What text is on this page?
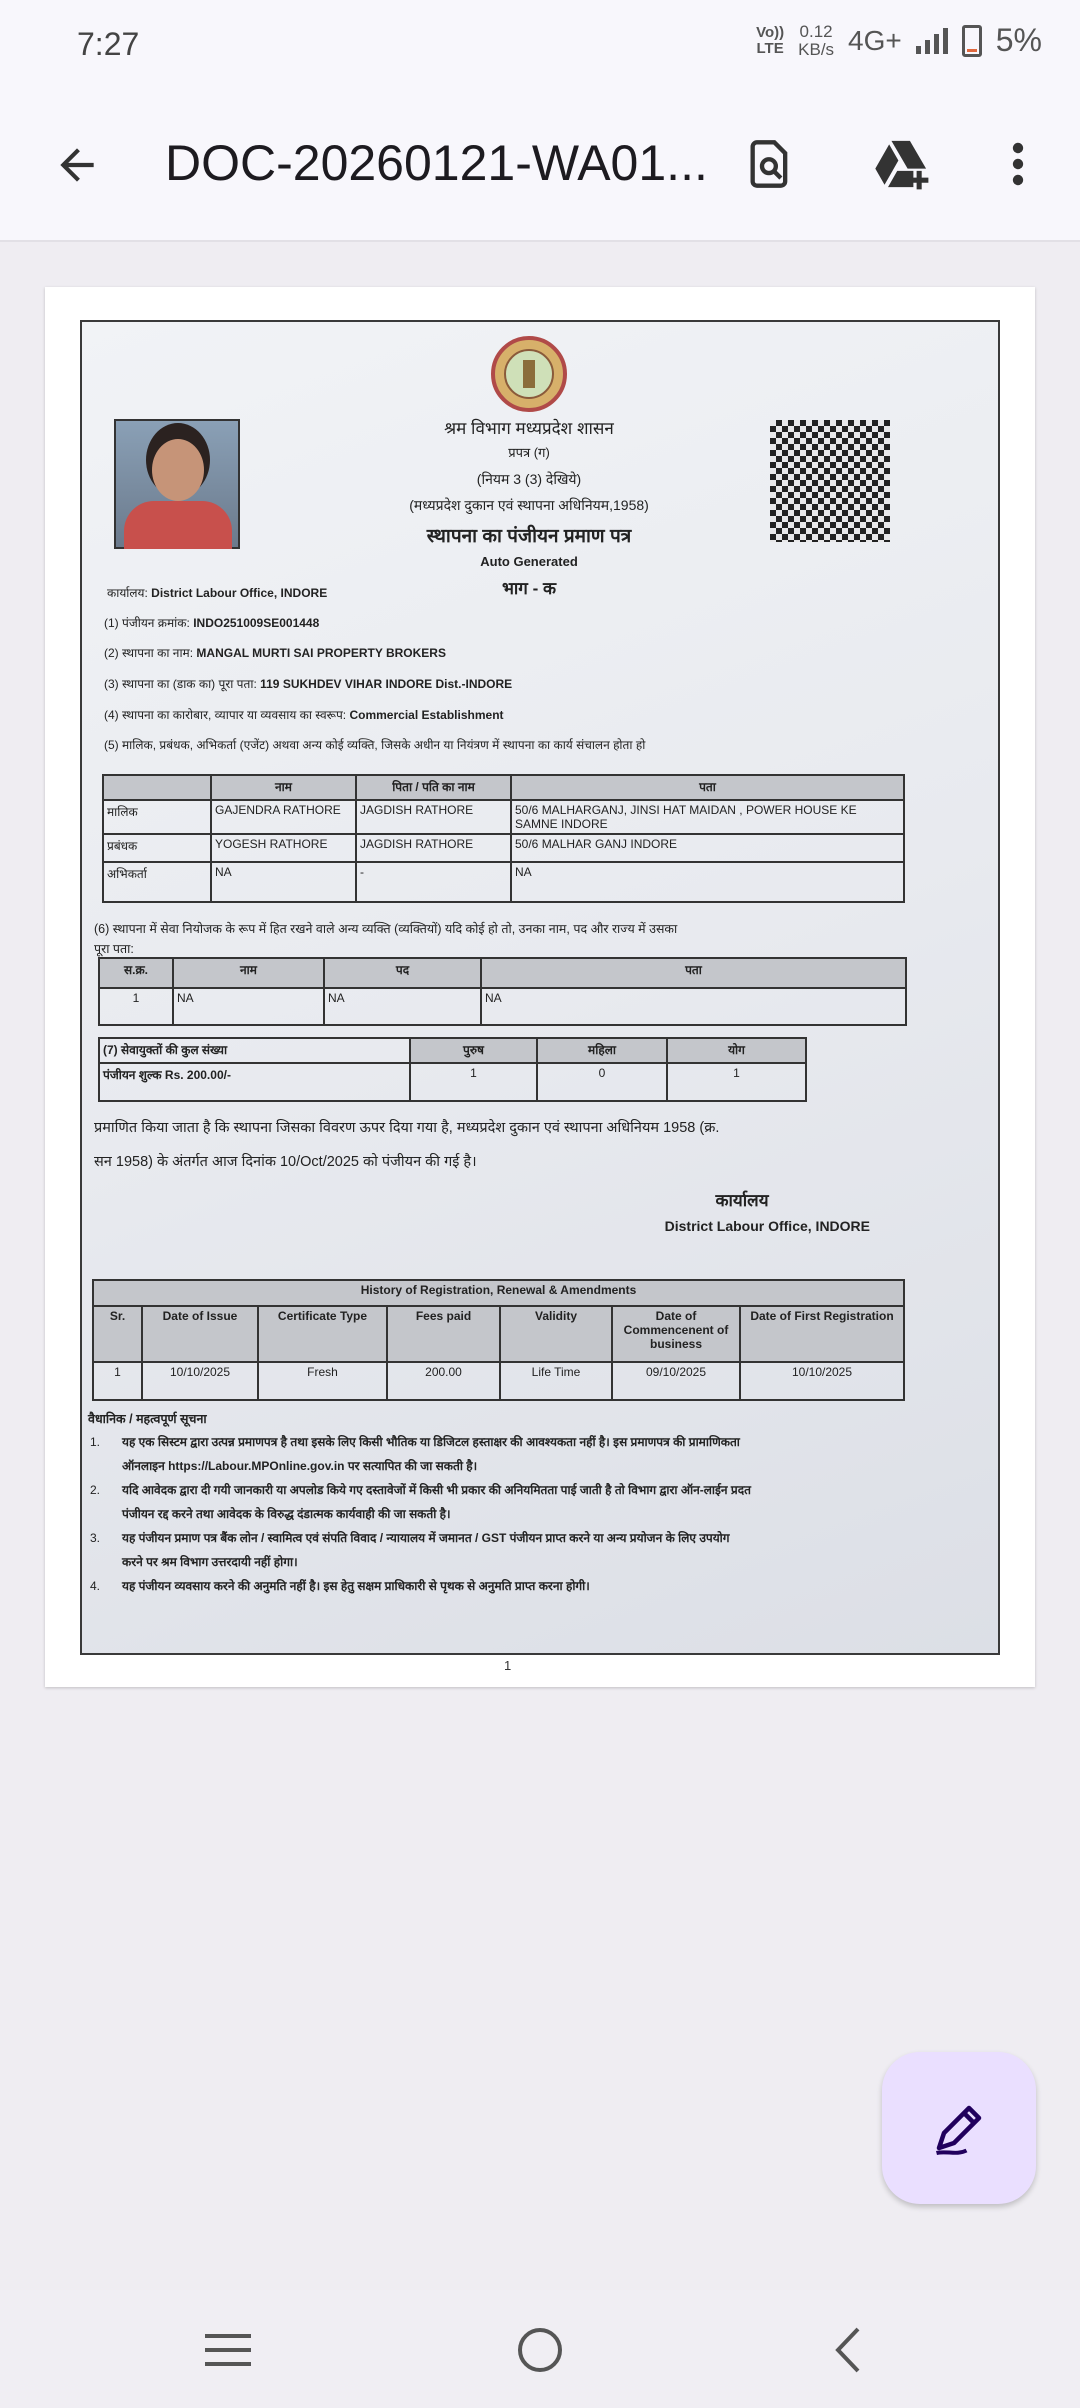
7:27	Vo))
LTE
0.12
KB/s 4G+	5%
DOC-20260121-WA01...
श्रम विभाग मध्यप्रदेश शासन
प्रपत्र (ग)
(नियम 3 (3) देखिये)
(मध्यप्रदेश दुकान एवं स्थापना अधिनियम,1958)
स्थापना का पंजीयन प्रमाण पत्र
Auto Generated
भाग - क
कार्यालय: District Labour Office, INDORE
(1) पंजीयन क्रमांक: INDO251009SE001448
(2) स्थापना का नाम: MANGAL MURTI SAI PROPERTY BROKERS
(3) स्थापना का (डाक का) पूरा पता: 119 SUKHDEV VIHAR INDORE Dist.-INDORE
(4) स्थापना का कारोबार, व्यापार या व्यवसाय का स्वरूप: Commercial Establishment
(5) मालिक, प्रबंधक, अभिकर्ता (एजेंट) अथवा अन्य कोई व्यक्ति, जिसके अधीन या नियंत्रण में स्थापना का कार्य संचालन होता हो
	नाम	पिता / पति का नाम	पता
मालिक	GAJENDRA RATHORE	JAGDISH RATHORE	50/6 MALHARGANJ, JINSI HAT MAIDAN , POWER HOUSE KE SAMNE INDORE
प्रबंधक	YOGESH RATHORE	JAGDISH RATHORE	50/6 MALHAR GANJ INDORE
अभिकर्ता	NA	-	NA
(6) स्थापना में सेवा नियोजक के रूप में हित रखने वाले अन्य व्यक्ति (व्यक्तियों) यदि कोई हो तो, उनका नाम, पद और राज्य में उसका
पूरा पता:
स.क्र.	नाम	पद	पता
1	NA	NA	NA
(7) सेवायुक्तों की कुल संख्या	पुरुष	महिला	योग
पंजीयन शुल्क Rs. 200.00/-	1	0	1
प्रमाणित किया जाता है कि स्थापना जिसका विवरण ऊपर दिया गया है, मध्यप्रदेश दुकान एवं स्थापना अधिनियम 1958 (क्र.
सन 1958) के अंतर्गत आज दिनांक 10/Oct/2025 को पंजीयन की गई है।
कार्यालय
District Labour Office, INDORE
History of Registration, Renewal & Amendments						
Sr.	Date of Issue	Certificate Type	Fees paid	Validity	Date of Commencenent of business	Date of First Registration
1	10/10/2025	Fresh	200.00	Life Time	09/10/2025	10/10/2025
वैधानिक / महत्वपूर्ण सूचना
1. यह एक सिस्टम द्वारा उत्पन्न प्रमाणपत्र है तथा इसके लिए किसी भौतिक या डिजिटल हस्ताक्षर की आवश्यकता नहीं है। इस प्रमाणपत्र की प्रामाणिकता
ऑनलाइन https://Labour.MPOnline.gov.in पर सत्यापित की जा सकती है।
2. यदि आवेदक द्वारा दी गयी जानकारी या अपलोड किये गए दस्तावेजों में किसी भी प्रकार की अनियमितता पाई जाती है तो विभाग द्वारा ऑन-लाईन प्रदत
पंजीयन रद्द करने तथा आवेदक के विरुद्ध दंडात्मक कार्यवाही की जा सकती है।
3. यह पंजीयन प्रमाण पत्र बैंक लोन / स्वामित्व एवं संपति विवाद / न्यायालय में जमानत / GST पंजीयन प्राप्त करने या अन्य प्रयोजन के लिए उपयोग
करने पर श्रम विभाग उत्तरदायी नहीं होगा।
4. यह पंजीयन व्यवसाय करने की अनुमति नहीं है। इस हेतु सक्षम प्राधिकारी से पृथक से अनुमति प्राप्त करना होगी।
1
